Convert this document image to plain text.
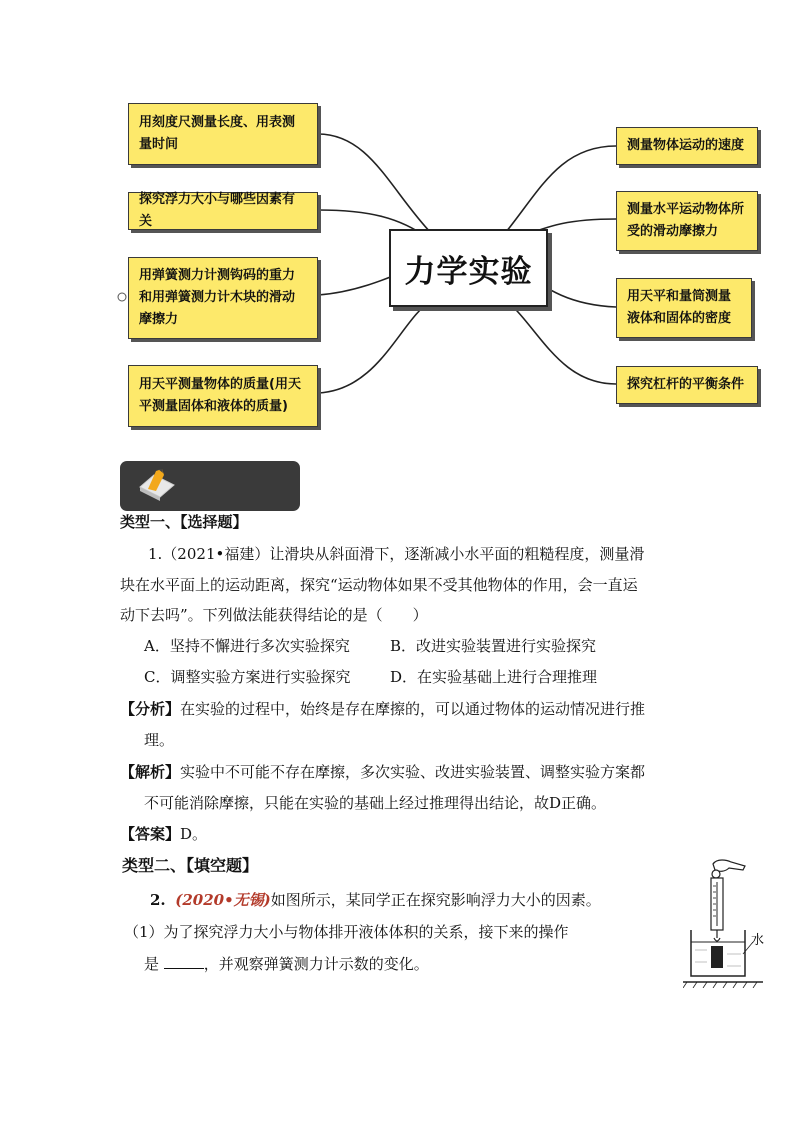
力学实验
用刻度尺测量长度、用表测量时间
探究浮力大小与哪些因素有关
用弹簧测力计测钩码的重力和用弹簧测力计木块的滑动摩擦力
用天平测量物体的质量(用天平测量固体和液体的质量)
测量物体运动的速度
测量水平运动物体所受的滑动摩擦力
用天平和量筒测量液体和固体的密度
探究杠杆的平衡条件
类型一、【选择题】
1.（2021•福建）让滑块从斜面滑下，逐渐减小水平面的粗糙程度，测量滑
块在水平面上的运动距离，探究“运动物体如果不受其他物体的作用，会一直运
动下去吗”。下列做法能获得结论的是（　　）
A．坚持不懈进行多次实验探究	B．改进实验装置进行实验探究
C．调整实验方案进行实验探究	D．在实验基础上进行合理推理
【分析】在实验的过程中，始终是存在摩擦的，可以通过物体的运动情况进行推
理。
【解析】实验中不可能不存在摩擦，多次实验、改进实验装置、调整实验方案都
不可能消除摩擦，只能在实验的基础上经过推理得出结论，故D正确。
【答案】D。
类型二、【填空题】
2. (2020•无锡)如图所示，某同学正在探究影响浮力大小的因素。
（1）为了探究浮力大小与物体排开液体体积的关系，接下来的操作
是	，并观察弹簧测力计示数的变化。
水
